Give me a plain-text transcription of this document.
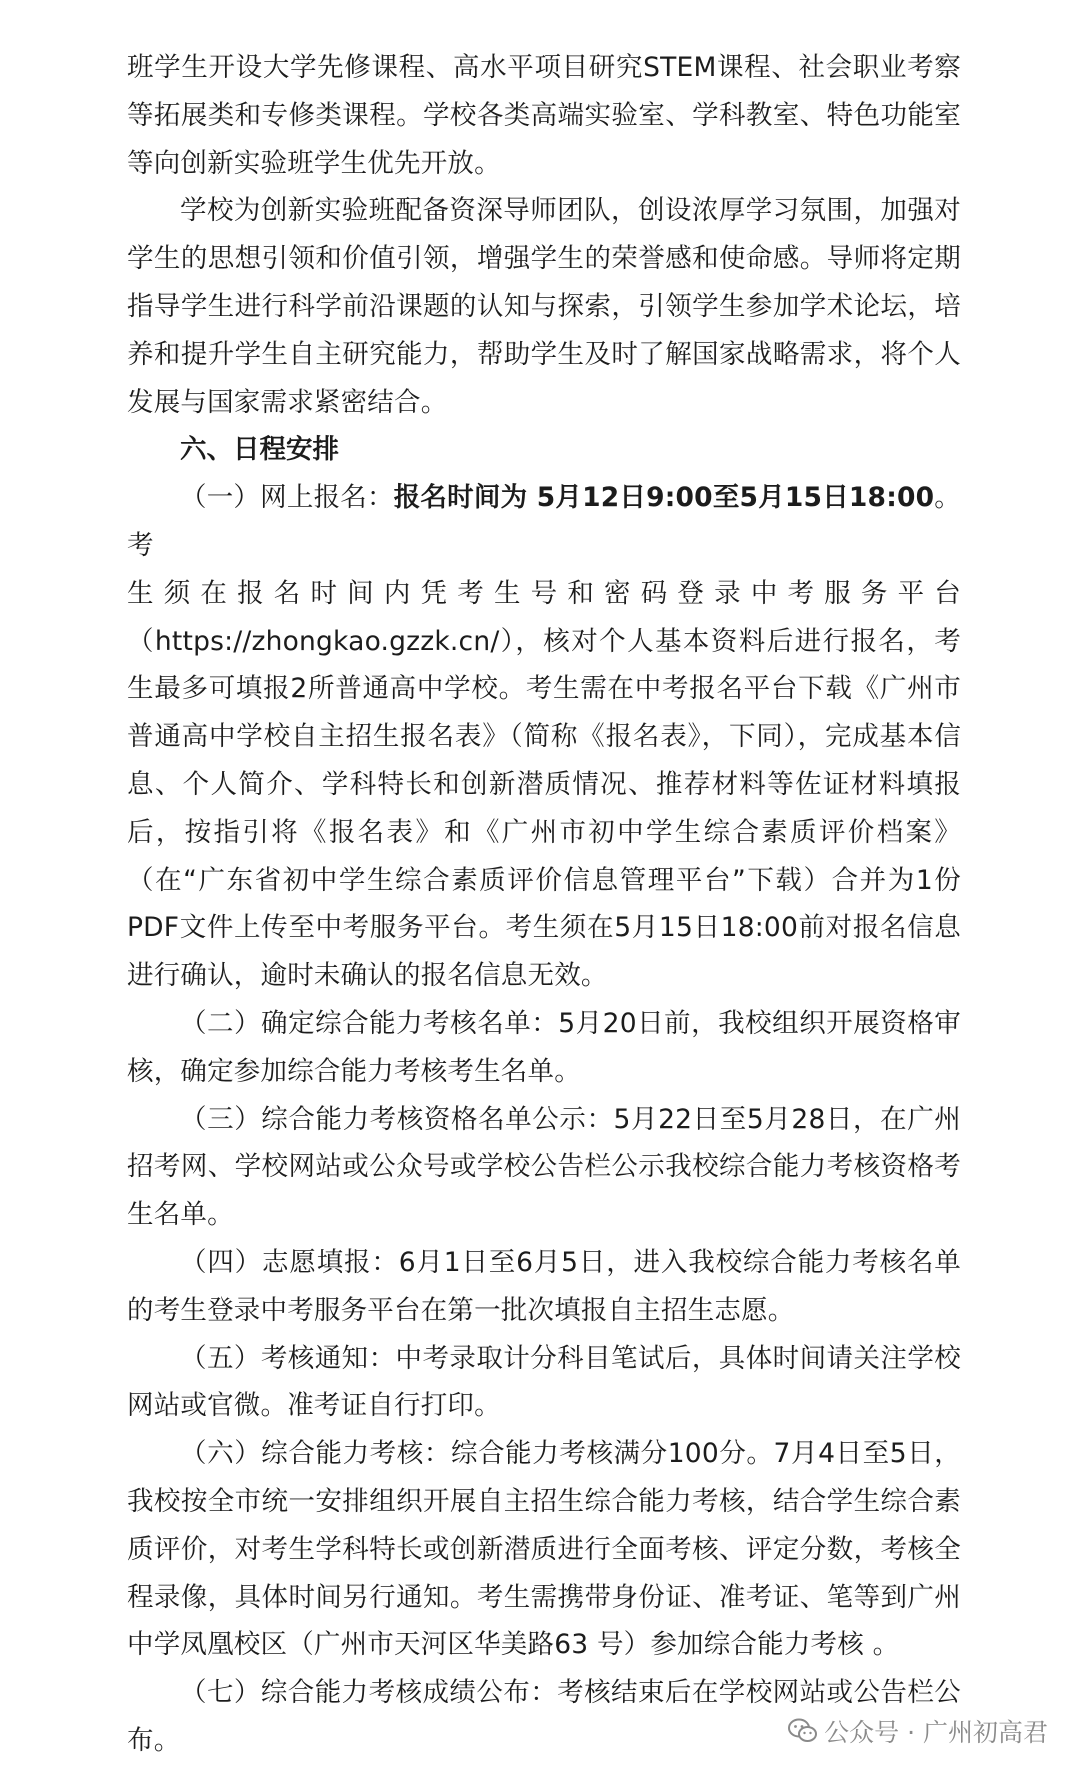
班学生开设大学先修课程、高水平项目研究STEM课程、社会职业考察等拓展类和专修类课程。学校各类高端实验室、学科教室、特色功能室等向创新实验班学生优先开放。

学校为创新实验班配备资深导师团队，创设浓厚学习氛围，加强对学生的思想引领和价值引领，增强学生的荣誉感和使命感。导师将定期指导学生进行科学前沿课题的认知与探索，引领学生参加学术论坛，培养和提升学生自主研究能力，帮助学生及时了解国家战略需求，将个人发展与国家需求紧密结合。

六、日程安排

（一）网上报名：报名时间为 5月12日9:00至5月15日18:00。考

生须在报名时间内凭考生号和密码登录中考服务平台

（https://zhongkao.gzzk.cn/），核对个人基本资料后进行报名，考生最多可填报2所普通高中学校。考生需在中考报名平台下载《广州市普通高中学校自主招生报名表》（简称《报名表》，下同），完成基本信息、个人简介、学科特长和创新潜质情况、推荐材料等佐证材料填报后，按指引将《报名表》和《广州市初中学生综合素质评价档案》（在“广东省初中学生综合素质评价信息管理平台”下载）合并为1份PDF文件上传至中考服务平台。考生须在5月15日18:00前对报名信息进行确认，逾时未确认的报名信息无效。

（二）确定综合能力考核名单：5月20日前，我校组织开展资格审核，确定参加综合能力考核考生名单。

（三）综合能力考核资格名单公示：5月22日至5月28日，在广州招考网、学校网站或公众号或学校公告栏公示我校综合能力考核资格考生名单。

（四）志愿填报：6月1日至6月5日，进入我校综合能力考核名单的考生登录中考服务平台在第一批次填报自主招生志愿。

（五）考核通知：中考录取计分科目笔试后，具体时间请关注学校网站或官微。准考证自行打印。

（六）综合能力考核：综合能力考核满分100分。7月4日至5日，我校按全市统一安排组织开展自主招生综合能力考核，结合学生综合素质评价，对考生学科特长或创新潜质进行全面考核、评定分数，考核全程录像，具体时间另行通知。考生需携带身份证、准考证、笔等到广州中学凤凰校区（广州市天河区华美路63 号）参加综合能力考核 。

（七）综合能力考核成绩公布：考核结束后在学校网站或公告栏公布。	公众号 · 广州初高君
